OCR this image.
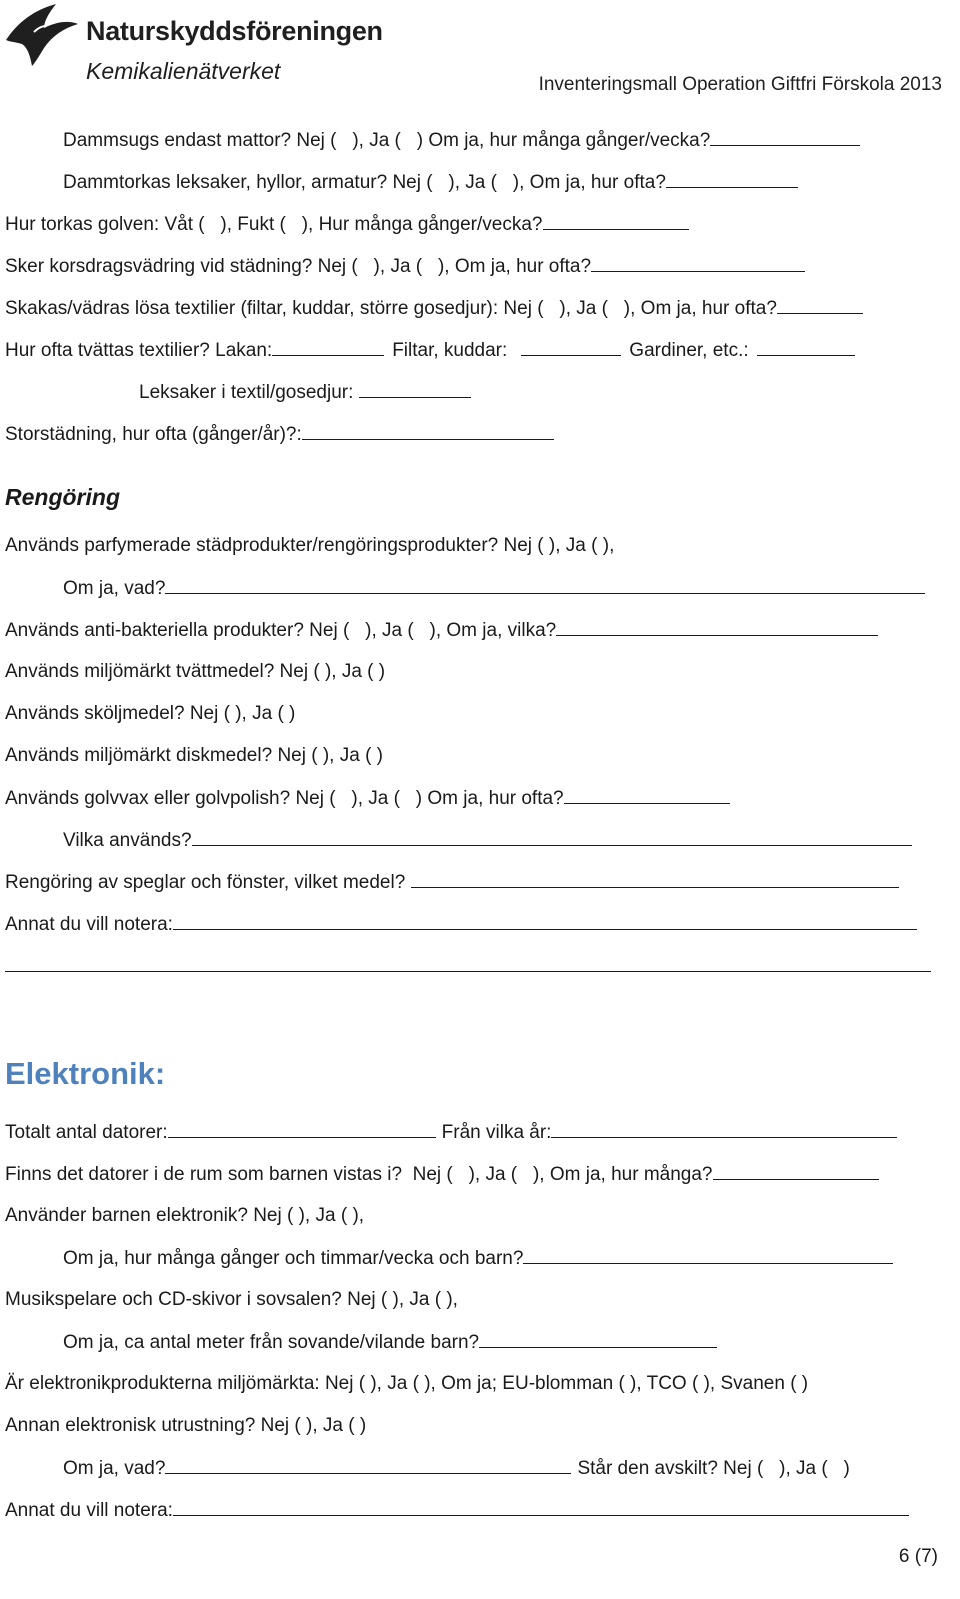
Naturskyddsföreningen
Kemikalienätverket
Inventeringsmall Operation Giftfri Förskola 2013
Dammsugs endast mattor? Nej (   ), Ja (   ) Om ja, hur många gånger/vecka?
Dammtorkas leksaker, hyllor, armatur? Nej (   ), Ja (   ), Om ja, hur ofta?
Hur torkas golven: Våt (   ), Fukt (   ), Hur många gånger/vecka?
Sker korsdragsvädring vid städning? Nej (   ), Ja (   ), Om ja, hur ofta?
Skakas/vädras lösa textilier (filtar, kuddar, större gosedjur): Nej (   ), Ja (   ), Om ja, hur ofta?
Hur ofta tvättas textilier? Lakan:	Filtar, kuddar:	Gardiner, etc.:
Leksaker i textil/gosedjur:
Storstädning, hur ofta (gånger/år)?:
Rengöring
Används parfymerade städprodukter/rengöringsprodukter? Nej ( ), Ja ( ),
Om ja, vad?
Används anti-bakteriella produkter? Nej (   ), Ja (   ), Om ja, vilka?
Används miljömärkt tvättmedel? Nej ( ), Ja ( )
Används sköljmedel? Nej ( ), Ja ( )
Används miljömärkt diskmedel? Nej ( ), Ja ( )
Används golvvax eller golvpolish? Nej (   ), Ja (   ) Om ja, hur ofta?
Vilka används?
Rengöring av speglar och fönster, vilket medel?
Annat du vill notera:
Elektronik:
Totalt antal datorer:	Från vilka år:
Finns det datorer i de rum som barnen vistas i?  Nej (   ), Ja (   ), Om ja, hur många?
Använder barnen elektronik? Nej ( ), Ja ( ),
Om ja, hur många gånger och timmar/vecka och barn?
Musikspelare och CD-skivor i sovsalen? Nej ( ), Ja ( ),
Om ja, ca antal meter från sovande/vilande barn?
Är elektronikprodukterna miljömärkta: Nej ( ), Ja ( ), Om ja; EU-blomman ( ), TCO ( ), Svanen ( )
Annan elektronisk utrustning? Nej ( ), Ja ( )
Om ja, vad?	Står den avskilt? Nej (   ), Ja (   )
Annat du vill notera:
6 (7)
